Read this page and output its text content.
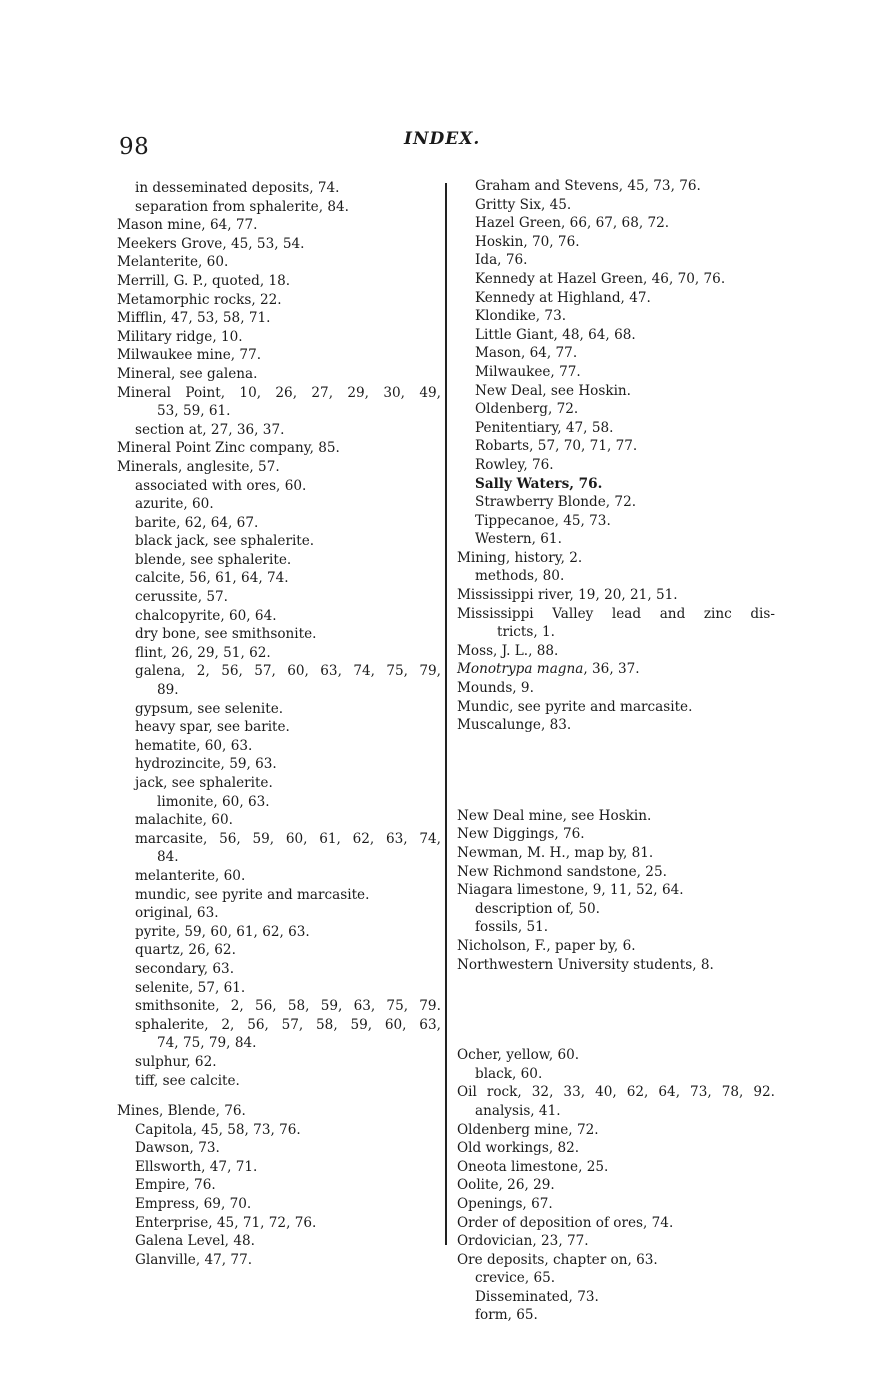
98	INDEX.
in desseminated deposits, 74.
separation from sphalerite, 84.
Mason mine, 64, 77.
Meekers Grove, 45, 53, 54.
Melanterite, 60.
Merrill, G. P., quoted, 18.
Metamorphic rocks, 22.
Mifflin, 47, 53, 58, 71.
Military ridge, 10.
Milwaukee mine, 77.
Mineral, see galena.
Mineral Point, 10, 26, 27, 29, 30, 49,
53, 59, 61.
section at, 27, 36, 37.
Mineral Point Zinc company, 85.
Minerals, anglesite, 57.
associated with ores, 60.
azurite, 60.
barite, 62, 64, 67.
black jack, see sphalerite.
blende, see sphalerite.
calcite, 56, 61, 64, 74.
cerussite, 57.
chalcopyrite, 60, 64.
dry bone, see smithsonite.
flint, 26, 29, 51, 62.
galena, 2, 56, 57, 60, 63, 74, 75, 79,
89.
gypsum, see selenite.
heavy spar, see barite.
hematite, 60, 63.
hydrozincite, 59, 63.
jack, see sphalerite.
limonite, 60, 63.
malachite, 60.
marcasite, 56, 59, 60, 61, 62, 63, 74,
84.
melanterite, 60.
mundic, see pyrite and marcasite.
original, 63.
pyrite, 59, 60, 61, 62, 63.
quartz, 26, 62.
secondary, 63.
selenite, 57, 61.
smithsonite, 2, 56, 58, 59, 63, 75, 79.
sphalerite, 2, 56, 57, 58, 59, 60, 63,
74, 75, 79, 84.
sulphur, 62.
tiff, see calcite.
Mines, Blende, 76.
Capitola, 45, 58, 73, 76.
Dawson, 73.
Ellsworth, 47, 71.
Empire, 76.
Empress, 69, 70.
Enterprise, 45, 71, 72, 76.
Galena Level, 48.
Glanville, 47, 77.
Graham and Stevens, 45, 73, 76.
Gritty Six, 45.
Hazel Green, 66, 67, 68, 72.
Hoskin, 70, 76.
Ida, 76.
Kennedy at Hazel Green, 46, 70, 76.
Kennedy at Highland, 47.
Klondike, 73.
Little Giant, 48, 64, 68.
Mason, 64, 77.
Milwaukee, 77.
New Deal, see Hoskin.
Oldenberg, 72.
Penitentiary, 47, 58.
Robarts, 57, 70, 71, 77.
Rowley, 76.
Sally Waters, 76.
Strawberry Blonde, 72.
Tippecanoe, 45, 73.
Western, 61.
Mining, history, 2.
methods, 80.
Mississippi river, 19, 20, 21, 51.
Mississippi Valley lead and zinc dis-
tricts, 1.
Moss, J. L., 88.
Monotrypa magna, 36, 37.
Mounds, 9.
Mundic, see pyrite and marcasite.
Muscalunge, 83.
New Deal mine, see Hoskin.
New Diggings, 76.
Newman, M. H., map by, 81.
New Richmond sandstone, 25.
Niagara limestone, 9, 11, 52, 64.
description of, 50.
fossils, 51.
Nicholson, F., paper by, 6.
Northwestern University students, 8.
Ocher, yellow, 60.
black, 60.
Oil rock, 32, 33, 40, 62, 64, 73, 78, 92.
analysis, 41.
Oldenberg mine, 72.
Old workings, 82.
Oneota limestone, 25.
Oolite, 26, 29.
Openings, 67.
Order of deposition of ores, 74.
Ordovician, 23, 77.
Ore deposits, chapter on, 63.
crevice, 65.
Disseminated, 73.
form, 65.
